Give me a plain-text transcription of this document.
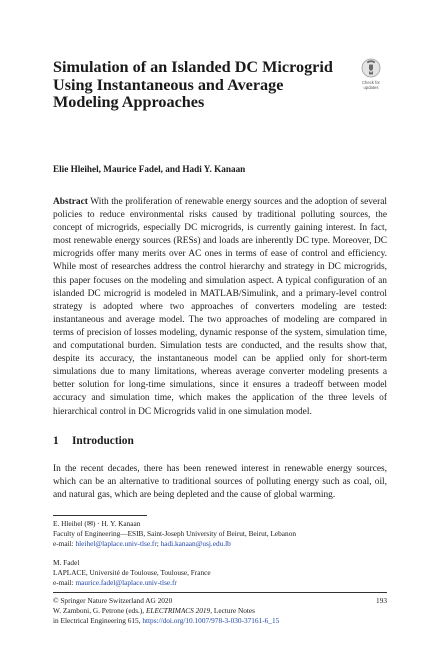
Simulation of an Islanded DC Microgrid
Using Instantaneous and Average
Modeling Approaches
Check for
updates
Elie Hleihel, Maurice Fadel, and Hadi Y. Kanaan

Abstract With the proliferation of renewable energy sources and the adoption of several policies to reduce environmental risks caused by traditional polluting sources, the concept of microgrids, especially DC microgrids, is currently gaining interest. In fact, most renewable energy sources (RESs) and loads are inherently DC type. Moreover, DC microgrids offer many merits over AC ones in terms of ease of control and efficiency. While most of researches address the control hierarchy and strategy in DC microgrids, this paper focuses on the modeling and simulation aspect. A typical configuration of an islanded DC microgrid is modeled in MATLAB/Simulink, and a primary-level control strategy is adopted where two approaches of converters modeling are tested: instantaneous and average model. The two approaches of modeling are compared in terms of precision of losses modeling, dynamic response of the system, simulation time, and computational burden. Simulation tests are conducted, and the results show that, despite its accuracy, the instantaneous model can be applied only for short-term simulations due to many limitations, whereas average converter modeling presents a better solution for long-time simulations, since it ensures a tradeoff between model accuracy and simulation time, which makes the application of the three levels of hierarchical control in DC Microgrids valid in one simulation model.

1 Introduction

In the recent decades, there has been renewed interest in renewable energy sources, which can be an alternative to traditional sources of polluting energy such as coal, oil, and natural gas, which are being depleted and the cause of global warming.

E. Hleihel (✉) · H. Y. Kanaan
Faculty of Engineering—ESIB, Saint-Joseph University of Beirut, Beirut, Lebanon
e-mail: hleihel@laplace.univ-tlse.fr; hadi.kanaan@usj.edu.lb
M. Fadel
LAPLACE, Université de Toulouse, Toulouse, France
e-mail: maurice.fadel@laplace.univ-tlse.fr
© Springer Nature Switzerland AG 2020	193
W. Zamboni, G. Petrone (eds.), ELECTRIMACS 2019, Lecture Notes
in Electrical Engineering 615, https://doi.org/10.1007/978-3-030-37161-6_15
